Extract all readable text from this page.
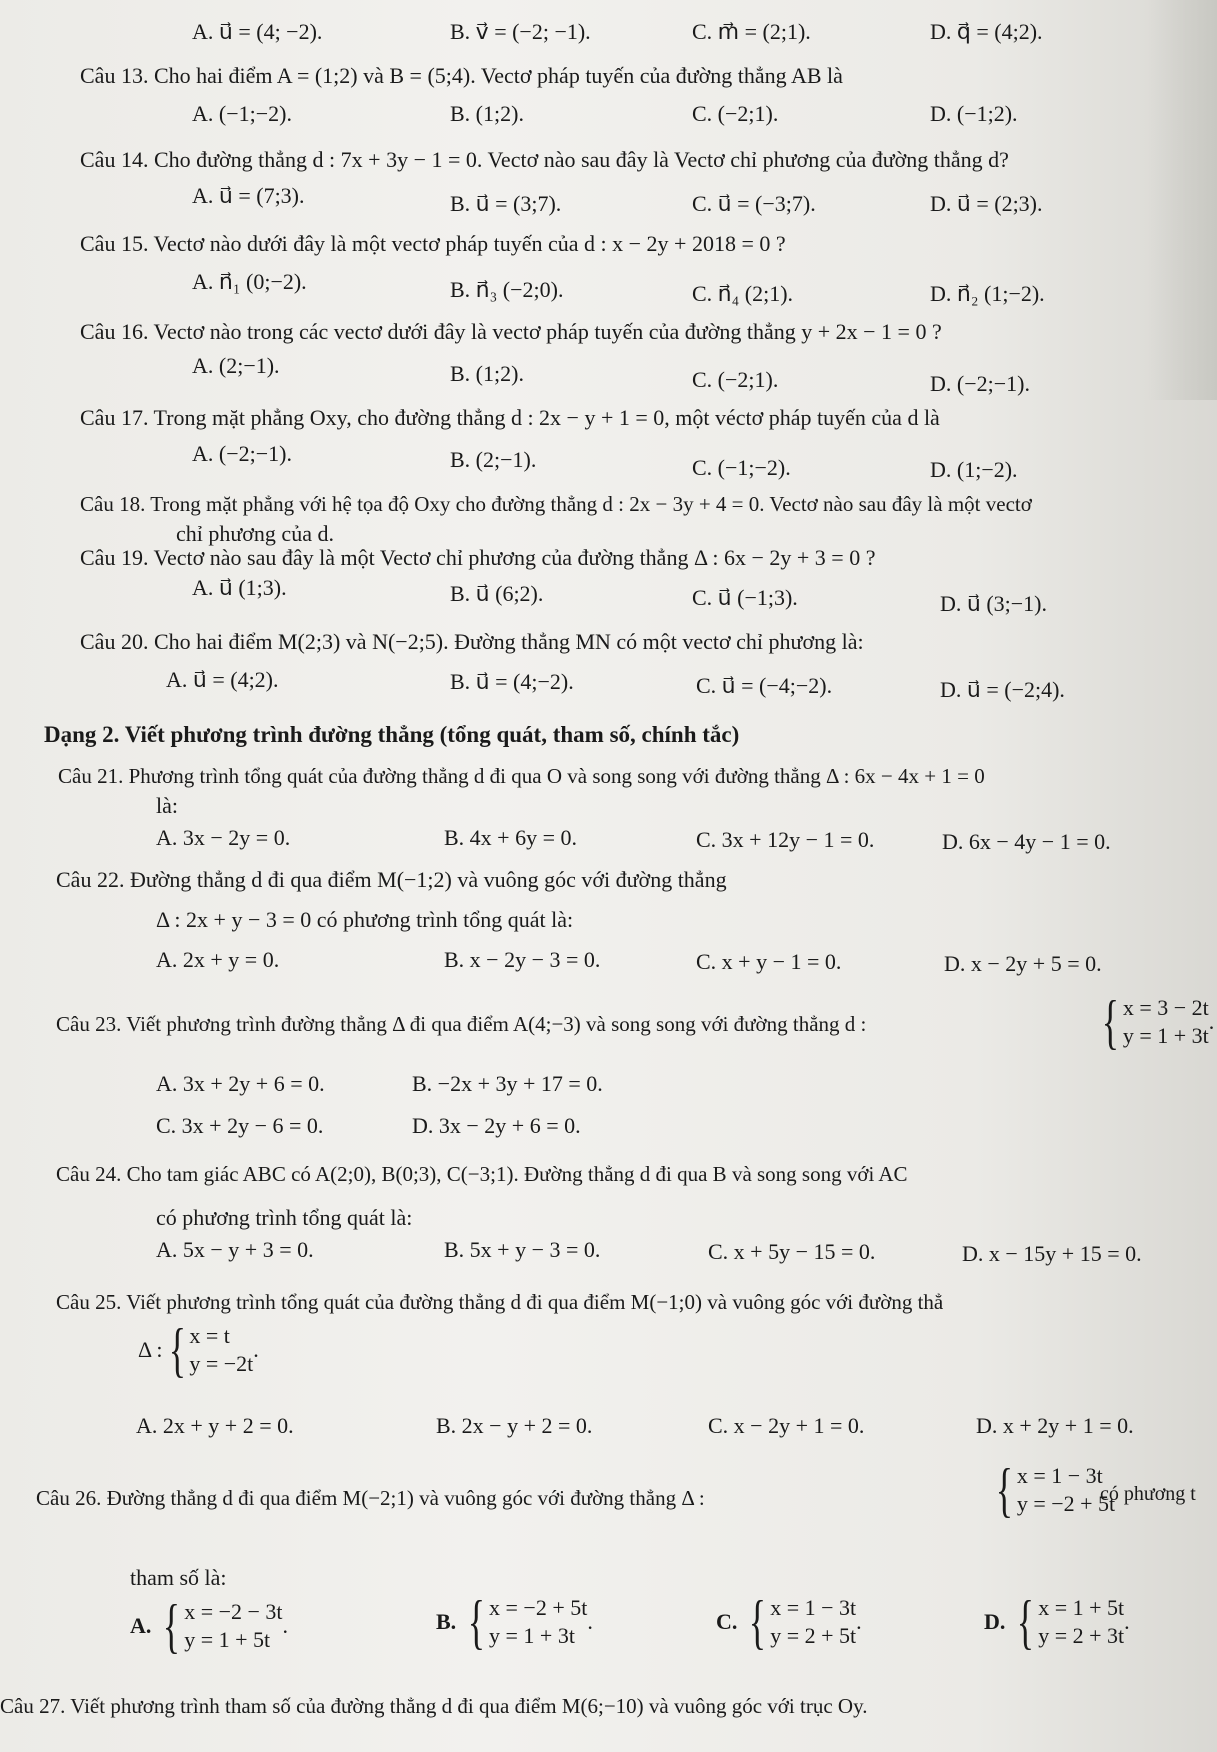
A. u⃗ = (4; −2).	B. v⃗ = (−2; −1).	C. m⃗ = (2;1).	D. q⃗ = (4;2).
Câu 13. Cho hai điểm A = (1;2) và B = (5;4). Vectơ pháp tuyến của đường thẳng AB là
A. (−1;−2).	B. (1;2).	C. (−2;1).	D. (−1;2).
Câu 14. Cho đường thẳng d : 7x + 3y − 1 = 0. Vectơ nào sau đây là Vectơ chỉ phương của đường thẳng d?
A. u⃗ = (7;3).	B. u⃗ = (3;7).	C. u⃗ = (−3;7).	D. u⃗ = (2;3).
Câu 15. Vectơ nào dưới đây là một vectơ pháp tuyến của d : x − 2y + 2018 = 0 ?
A. n⃗₁ (0;−2).	B. n⃗₃ (−2;0).	C. n⃗₄ (2;1).	D. n⃗₂ (1;−2).
Câu 16. Vectơ nào trong các vectơ dưới đây là vectơ pháp tuyến của đường thẳng y + 2x − 1 = 0 ?
A. (2;−1).	B. (1;2).	C. (−2;1).	D. (−2;−1).
Câu 17. Trong mặt phẳng Oxy, cho đường thẳng d : 2x − y + 1 = 0, một véctơ pháp tuyến của d là
A. (−2;−1).	B. (2;−1).	C. (−1;−2).	D. (1;−2).
Câu 18. Trong mặt phẳng với hệ tọa độ Oxy cho đường thẳng d : 2x − 3y + 4 = 0. Vectơ nào sau đây là một vectơ
chỉ phương của d.
Câu 19. Vectơ nào sau đây là một Vectơ chỉ phương của đường thẳng Δ : 6x − 2y + 3 = 0 ?
A. u⃗ (1;3).	B. u⃗ (6;2).	C. u⃗ (−1;3).	D. u⃗ (3;−1).
Câu 20. Cho hai điểm M(2;3) và N(−2;5). Đường thẳng MN có một vectơ chỉ phương là:
A. u⃗ = (4;2).	B. u⃗ = (4;−2).	C. u⃗ = (−4;−2).	D. u⃗ = (−2;4).
Dạng 2. Viết phương trình đường thẳng (tổng quát, tham số, chính tắc)
Câu 21. Phương trình tổng quát của đường thẳng d đi qua O và song song với đường thẳng Δ : 6x − 4x + 1 = 0
là:
A. 3x − 2y = 0.	B. 4x + 6y = 0.	C. 3x + 12y − 1 = 0.	D. 6x − 4y − 1 = 0.
Câu 22. Đường thẳng d đi qua điểm M(−1;2) và vuông góc với đường thẳng
Δ : 2x + y − 3 = 0 có phương trình tổng quát là:
A. 2x + y = 0.	B. x − 2y − 3 = 0.	C. x + y − 1 = 0.	D. x − 2y + 5 = 0.
Câu 23. Viết phương trình đường thẳng Δ đi qua điểm A(4;−3) và song song với đường thẳng d :	{ x = 3 − 2t
y = 1 + 3t
.
A. 3x + 2y + 6 = 0.	B. −2x + 3y + 17 = 0.
C. 3x + 2y − 6 = 0.	D. 3x − 2y + 6 = 0.
Câu 24. Cho tam giác ABC có A(2;0), B(0;3), C(−3;1). Đường thẳng d đi qua B và song song với AC
có phương trình tổng quát là:
A. 5x − y + 3 = 0.	B. 5x + y − 3 = 0.	C. x + 5y − 15 = 0.	D. x − 15y + 15 = 0.
Câu 25. Viết phương trình tổng quát của đường thẳng d đi qua điểm M(−1;0) và vuông góc với đường thẳ
Δ : { x = t
y = −2t
.
A. 2x + y + 2 = 0.	B. 2x − y + 2 = 0.	C. x − 2y + 1 = 0.	D. x + 2y + 1 = 0.
Câu 26. Đường thẳng d đi qua điểm M(−2;1) và vuông góc với đường thẳng Δ :	{ x = 1 − 3t
y = −2 + 5t
có phương t
tham số là:
A. { x = −2 − 3t
y = 1 + 5t
.	B. { x = −2 + 5t
y = 1 + 3t
.	C. { x = 1 − 3t
y = 2 + 5t
.	D. { x = 1 + 5t
y = 2 + 3t
.
Câu 27. Viết phương trình tham số của đường thẳng d đi qua điểm M(6;−10) và vuông góc với trục Oy.
